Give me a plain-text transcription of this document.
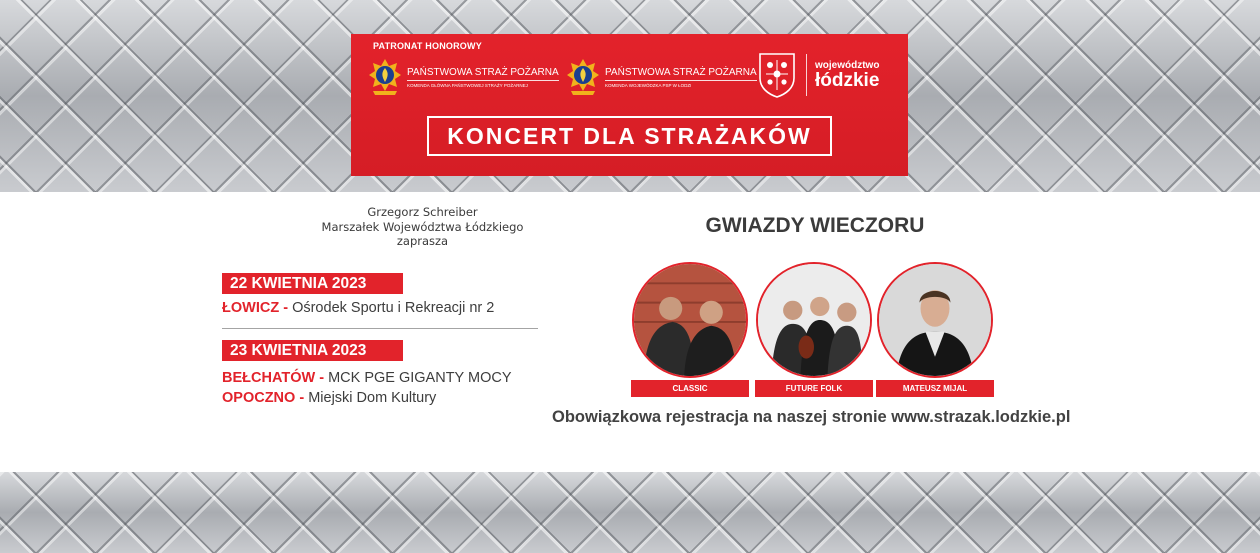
PATRONAT HONOROWY
PAŃSTWOWA STRAŻ POŻARNA
KOMENDA GŁÓWNA PAŃSTWOWEJ STRAŻY POŻARNEJ
PAŃSTWOWA STRAŻ POŻARNA
KOMENDA WOJEWÓDZKA PSP W ŁODZI
województwo
łódzkie
KONCERT DLA STRAŻAKÓW
Grzegorz Schreiber
Marszałek Województwa Łódzkiego
zaprasza
22 KWIETNIA 2023
ŁOWICZ - Ośrodek Sportu i Rekreacji nr 2
23 KWIETNIA 2023
BEŁCHATÓW - MCK PGE GIGANTY MOCY
OPOCZNO - Miejski Dom Kultury
GWIAZDY WIECZORU
CLASSIC	FUTURE FOLK	MATEUSZ MIJAL
Obowiązkowa rejestracja na naszej stronie www.strazak.lodzkie.pl
